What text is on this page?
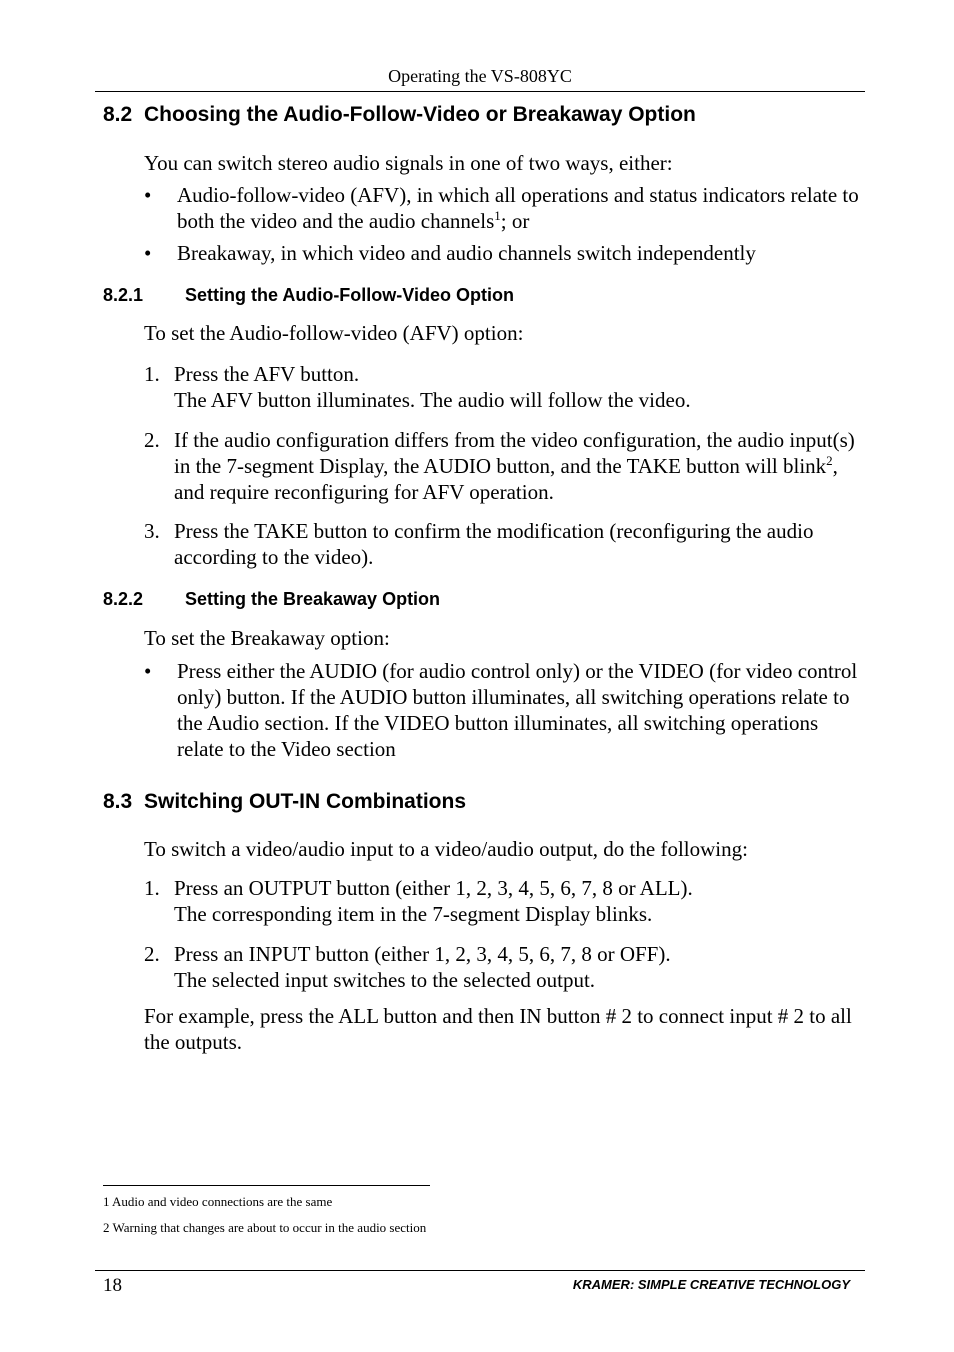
Operating the VS-808YC
8.2 Choosing the Audio-Follow-Video or Breakaway Option
You can switch stereo audio signals in one of two ways, either:
•	Audio-follow-video (AFV), in which all operations and status indicators relate to both the video and the audio channels$^1$; or
•	Breakaway, in which video and audio channels switch independently
8.2.1 Setting the Audio-Follow-Video Option
To set the Audio-follow-video (AFV) option:
1. Press the AFV button.
The AFV button illuminates. The audio will follow the video.
2. If the audio configuration differs from the video configuration, the audio input(s) in the 7-segment Display, the AUDIO button, and the TAKE button will blink$^2$, and require reconfiguring for AFV operation.
3. Press the TAKE button to confirm the modification (reconfiguring the audio according to the video).
8.2.2 Setting the Breakaway Option
To set the Breakaway option:
•	Press either the AUDIO (for audio control only) or the VIDEO (for video control only) button. If the AUDIO button illuminates, all switching operations relate to the Audio section. If the VIDEO button illuminates, all switching operations relate to the Video section
8.3 Switching OUT-IN Combinations
To switch a video/audio input to a video/audio output, do the following:
1. Press an OUTPUT button (either 1, 2, 3, 4, 5, 6, 7, 8 or ALL).
The corresponding item in the 7-segment Display blinks.
2. Press an INPUT button (either 1, 2, 3, 4, 5, 6, 7, 8 or OFF).
The selected input switches to the selected output.
For example, press the ALL button and then IN button # 2 to connect input # 2 to all the outputs.
1 Audio and video connections are the same
2 Warning that changes are about to occur in the audio section
18	KRAMER: SIMPLE CREATIVE TECHNOLOGY
